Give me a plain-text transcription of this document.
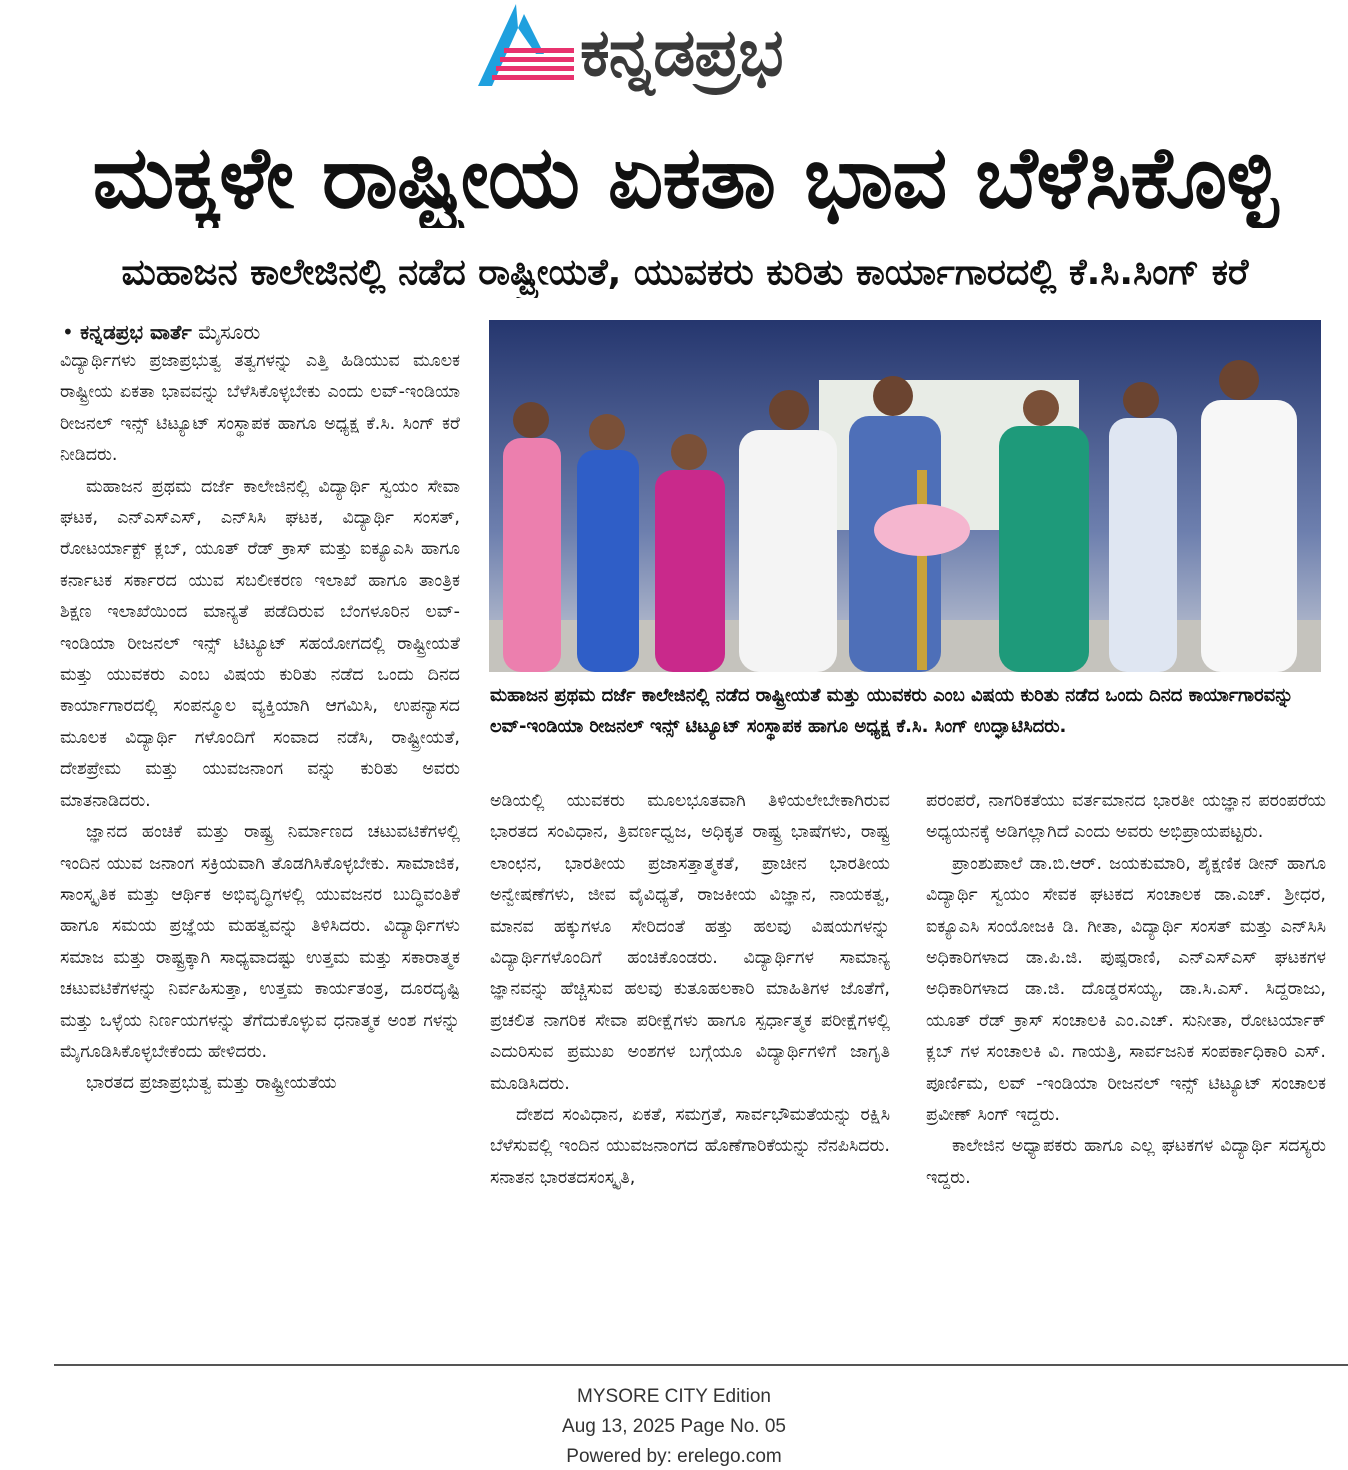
ಕನ್ನಡಪ್ರಭ
ಮಕ್ಕಳೇ ರಾಷ್ಟ್ರೀಯ ಏಕತಾ ಭಾವ ಬೆಳೆಸಿಕೊಳ್ಳಿ
ಮಹಾಜನ ಕಾಲೇಜಿನಲ್ಲಿ ನಡೆದ ರಾಷ್ಟ್ರೀಯತೆ, ಯುವಕರು ಕುರಿತು ಕಾರ್ಯಾಗಾರದಲ್ಲಿ ಕೆ.ಸಿ.ಸಿಂಗ್ ಕರೆ
• ಕನ್ನಡಪ್ರಭ ವಾರ್ತೆ ಮೈಸೂರು

ವಿದ್ಯಾರ್ಥಿಗಳು ಪ್ರಜಾಪ್ರಭುತ್ವ ತತ್ವಗಳನ್ನು ಎತ್ತಿ ಹಿಡಿಯುವ ಮೂಲಕ ರಾಷ್ಟ್ರೀಯ ಏಕತಾ ಭಾವವನ್ನು ಬೆಳೆಸಿಕೊಳ್ಳಬೇಕು ಎಂದು ಲವ್-ಇಂಡಿಯಾ ರೀಜನಲ್ ಇನ್ಸ್ ಟಿಟ್ಯೂಟ್ ಸಂಸ್ಥಾಪಕ ಹಾಗೂ ಅಧ್ಯಕ್ಷ ಕೆ.ಸಿ. ಸಿಂಗ್ ಕರೆ ನೀಡಿದರು.

ಮಹಾಜನ ಪ್ರಥಮ ದರ್ಜೆ ಕಾಲೇಜಿನಲ್ಲಿ ವಿದ್ಯಾರ್ಥಿ ಸ್ವಯಂ ಸೇವಾ ಘಟಕ, ಎನ್ಎಸ್ಎಸ್, ಎನ್‌ಸಿಸಿ ಘಟಕ, ವಿದ್ಯಾರ್ಥಿ ಸಂಸತ್, ರೋಟರ್ಯಾಕ್ಟ್ ಕ್ಲಬ್, ಯೂತ್ ರೆಡ್ ಕ್ರಾಸ್ ಮತ್ತು ಐಕ್ಯೂಎಸಿ ಹಾಗೂ ಕರ್ನಾಟಕ ಸರ್ಕಾರದ ಯುವ ಸಬಲೀಕರಣ ಇಲಾಖೆ ಹಾಗೂ ತಾಂತ್ರಿಕ ಶಿಕ್ಷಣ ಇಲಾಖೆಯಿಂದ ಮಾನ್ಯತೆ ಪಡೆದಿರುವ ಬೆಂಗಳೂರಿನ ಲವ್-ಇಂಡಿಯಾ ರೀಜನಲ್ ಇನ್ಸ್ ಟಿಟ್ಯೂಟ್ ಸಹಯೋಗದಲ್ಲಿ ರಾಷ್ಟ್ರೀಯತೆ ಮತ್ತು ಯುವಕರು ಎಂಬ ವಿಷಯ ಕುರಿತು ನಡೆದ ಒಂದು ದಿನದ ಕಾರ್ಯಾಗಾರದಲ್ಲಿ ಸಂಪನ್ಮೂಲ ವ್ಯಕ್ತಿಯಾಗಿ ಆಗಮಿಸಿ, ಉಪನ್ಯಾಸದ ಮೂಲಕ ವಿದ್ಯಾರ್ಥಿ ಗಳೊಂದಿಗೆ ಸಂವಾದ ನಡೆಸಿ, ರಾಷ್ಟ್ರೀಯತೆ, ದೇಶಪ್ರೇಮ ಮತ್ತು ಯುವಜನಾಂಗ ವನ್ನು ಕುರಿತು ಅವರು ಮಾತನಾಡಿದರು.

ಜ್ಞಾನದ ಹಂಚಿಕೆ ಮತ್ತು ರಾಷ್ಟ್ರ ನಿರ್ಮಾಣದ ಚಟುವಟಿಕೆಗಳಲ್ಲಿ ಇಂದಿನ ಯುವ ಜನಾಂಗ ಸಕ್ರಿಯವಾಗಿ ತೊಡಗಿಸಿಕೊಳ್ಳಬೇಕು. ಸಾಮಾಜಿಕ, ಸಾಂಸ್ಕೃತಿಕ ಮತ್ತು ಆರ್ಥಿಕ ಅಭಿವೃದ್ಧಿಗಳಲ್ಲಿ ಯುವಜನರ ಬುದ್ಧಿವಂತಿಕೆ ಹಾಗೂ ಸಮಯ ಪ್ರಜ್ಞೆಯ ಮಹತ್ವವನ್ನು ತಿಳಿಸಿದರು. ವಿದ್ಯಾರ್ಥಿಗಳು ಸಮಾಜ ಮತ್ತು ರಾಷ್ಟ್ರಕ್ಕಾಗಿ ಸಾಧ್ಯವಾದಷ್ಟು ಉತ್ತಮ ಮತ್ತು ಸಕಾರಾತ್ಮಕ ಚಟುವಟಿಕೆಗಳನ್ನು ನಿರ್ವಹಿಸುತ್ತಾ, ಉತ್ತಮ ಕಾರ್ಯತಂತ್ರ, ದೂರದೃಷ್ಟಿ ಮತ್ತು ಒಳ್ಳೆಯ ನಿರ್ಣಯಗಳನ್ನು ತೆಗೆದುಕೊಳ್ಳುವ ಧನಾತ್ಮಕ ಅಂಶ ಗಳನ್ನು ಮೈಗೂಡಿಸಿಕೊಳ್ಳಬೇಕೆಂದು ಹೇಳಿದರು.

ಭಾರತದ ಪ್ರಜಾಪ್ರಭುತ್ವ ಮತ್ತು ರಾಷ್ಟ್ರೀಯತೆಯ

ಮಹಾಜನ ಪ್ರಥಮ ದರ್ಜೆ ಕಾಲೇಜಿನಲ್ಲಿ ನಡೆದ ರಾಷ್ಟ್ರೀಯತೆ ಮತ್ತು ಯುವಕರು ಎಂಬ ವಿಷಯ ಕುರಿತು ನಡೆದ ಒಂದು ದಿನದ ಕಾರ್ಯಾಗಾರವನ್ನು ಲವ್-ಇಂಡಿಯಾ ರೀಜನಲ್ ಇನ್ಸ್ ಟಿಟ್ಯೂಟ್ ಸಂಸ್ಥಾಪಕ ಹಾಗೂ ಅಧ್ಯಕ್ಷ ಕೆ.ಸಿ. ಸಿಂಗ್ ಉದ್ಘಾಟಿಸಿದರು.

ಅಡಿಯಲ್ಲಿ ಯುವಕರು ಮೂಲಭೂತವಾಗಿ ತಿಳಿಯಲೇಬೇಕಾಗಿರುವ ಭಾರತದ ಸಂವಿಧಾನ, ತ್ರಿವರ್ಣಧ್ವಜ, ಅಧಿಕೃತ ರಾಷ್ಟ್ರ ಭಾಷೆಗಳು, ರಾಷ್ಟ್ರ ಲಾಂಛನ, ಭಾರತೀಯ ಪ್ರಜಾಸತ್ತಾತ್ಮಕತೆ, ಪ್ರಾಚೀನ ಭಾರತೀಯ ಅನ್ವೇಷಣೆಗಳು, ಜೀವ ವೈವಿಧ್ಯತೆ, ರಾಜಕೀಯ ವಿಜ್ಞಾನ, ನಾಯಕತ್ವ, ಮಾನವ ಹಕ್ಕುಗಳೂ ಸೇರಿದಂತೆ ಹತ್ತು ಹಲವು ವಿಷಯಗಳನ್ನು ವಿದ್ಯಾರ್ಥಿಗಳೊಂದಿಗೆ ಹಂಚಿಕೊಂಡರು. ವಿದ್ಯಾರ್ಥಿಗಳ ಸಾಮಾನ್ಯ ಜ್ಞಾನವನ್ನು ಹೆಚ್ಚಿಸುವ ಹಲವು ಕುತೂಹಲಕಾರಿ ಮಾಹಿತಿಗಳ ಜೊತೆಗೆ, ಪ್ರಚಲಿತ ನಾಗರಿಕ ಸೇವಾ ಪರೀಕ್ಷೆಗಳು ಹಾಗೂ ಸ್ಪರ್ಧಾತ್ಮಕ ಪರೀಕ್ಷೆಗಳಲ್ಲಿ ಎದುರಿಸುವ ಪ್ರಮುಖ ಅಂಶಗಳ ಬಗ್ಗೆಯೂ ವಿದ್ಯಾರ್ಥಿಗಳಿಗೆ ಜಾಗೃತಿ ಮೂಡಿಸಿದರು.

ದೇಶದ ಸಂವಿಧಾನ, ಏಕತೆ, ಸಮಗ್ರತೆ, ಸಾರ್ವಭೌಮತೆಯನ್ನು ರಕ್ಷಿಸಿ ಬೆಳೆಸುವಲ್ಲಿ ಇಂದಿನ ಯುವಜನಾಂಗದ ಹೊಣೆಗಾರಿಕೆಯನ್ನು ನೆನಪಿಸಿದರು. ಸನಾತನ ಭಾರತದಸಂಸ್ಕೃತಿ,

ಪರಂಪರೆ, ನಾಗರಿಕತೆಯು ವರ್ತಮಾನದ ಭಾರತೀ ಯಜ್ಞಾನ ಪರಂಪರೆಯ ಅಧ್ಯಯನಕ್ಕೆ ಅಡಿಗಲ್ಲಾಗಿದೆ ಎಂದು ಅವರು ಅಭಿಪ್ರಾಯಪಟ್ಟರು.

ಪ್ರಾಂಶುಪಾಲೆ ಡಾ.ಬಿ.ಆರ್. ಜಯಕುಮಾರಿ, ಶೈಕ್ಷಣಿಕ ಡೀನ್ ಹಾಗೂ ವಿದ್ಯಾರ್ಥಿ ಸ್ವಯಂ ಸೇವಕ ಘಟಕದ ಸಂಚಾಲಕ ಡಾ.ಎಚ್. ಶ್ರೀಧರ, ಐಕ್ಯೂಎಸಿ ಸಂಯೋಜಕಿ ಡಿ. ಗೀತಾ, ವಿದ್ಯಾರ್ಥಿ ಸಂಸತ್ ಮತ್ತು ಎನ್‌ಸಿಸಿ ಅಧಿಕಾರಿಗಳಾದ ಡಾ.ಪಿ.ಜಿ. ಪುಷ್ಪರಾಣಿ, ಎನ್ಎಸ್ಎಸ್ ಘಟಕಗಳ ಅಧಿಕಾರಿಗಳಾದ ಡಾ.ಜಿ. ದೊಡ್ಡರಸಯ್ಯ, ಡಾ.ಸಿ.ಎಸ್. ಸಿದ್ದರಾಜು, ಯೂತ್ ರೆಡ್ ಕ್ರಾಸ್ ಸಂಚಾಲಕಿ ಎಂ.ಎಚ್. ಸುನೀತಾ, ರೋಟರ್ಯಾಕ್ ಕ್ಲಬ್ ಗಳ ಸಂಚಾಲಕಿ ವಿ. ಗಾಯತ್ರಿ, ಸಾರ್ವಜನಿಕ ಸಂಪರ್ಕಾಧಿಕಾರಿ ಎಸ್. ಪೂರ್ಣಿಮ, ಲವ್ -ಇಂಡಿಯಾ ರೀಜನಲ್ ಇನ್ಸ್ ಟಿಟ್ಯೂಟ್ ಸಂಚಾಲಕ ಪ್ರವೀಣ್ ಸಿಂಗ್ ಇದ್ದರು.

ಕಾಲೇಜಿನ ಅಧ್ಯಾಪಕರು ಹಾಗೂ ಎಲ್ಲ ಘಟಕಗಳ ವಿದ್ಯಾರ್ಥಿ ಸದಸ್ಯರು ಇದ್ದರು.

MYSORE CITY Edition
Aug 13, 2025 Page No. 05
Powered by: erelego.com
